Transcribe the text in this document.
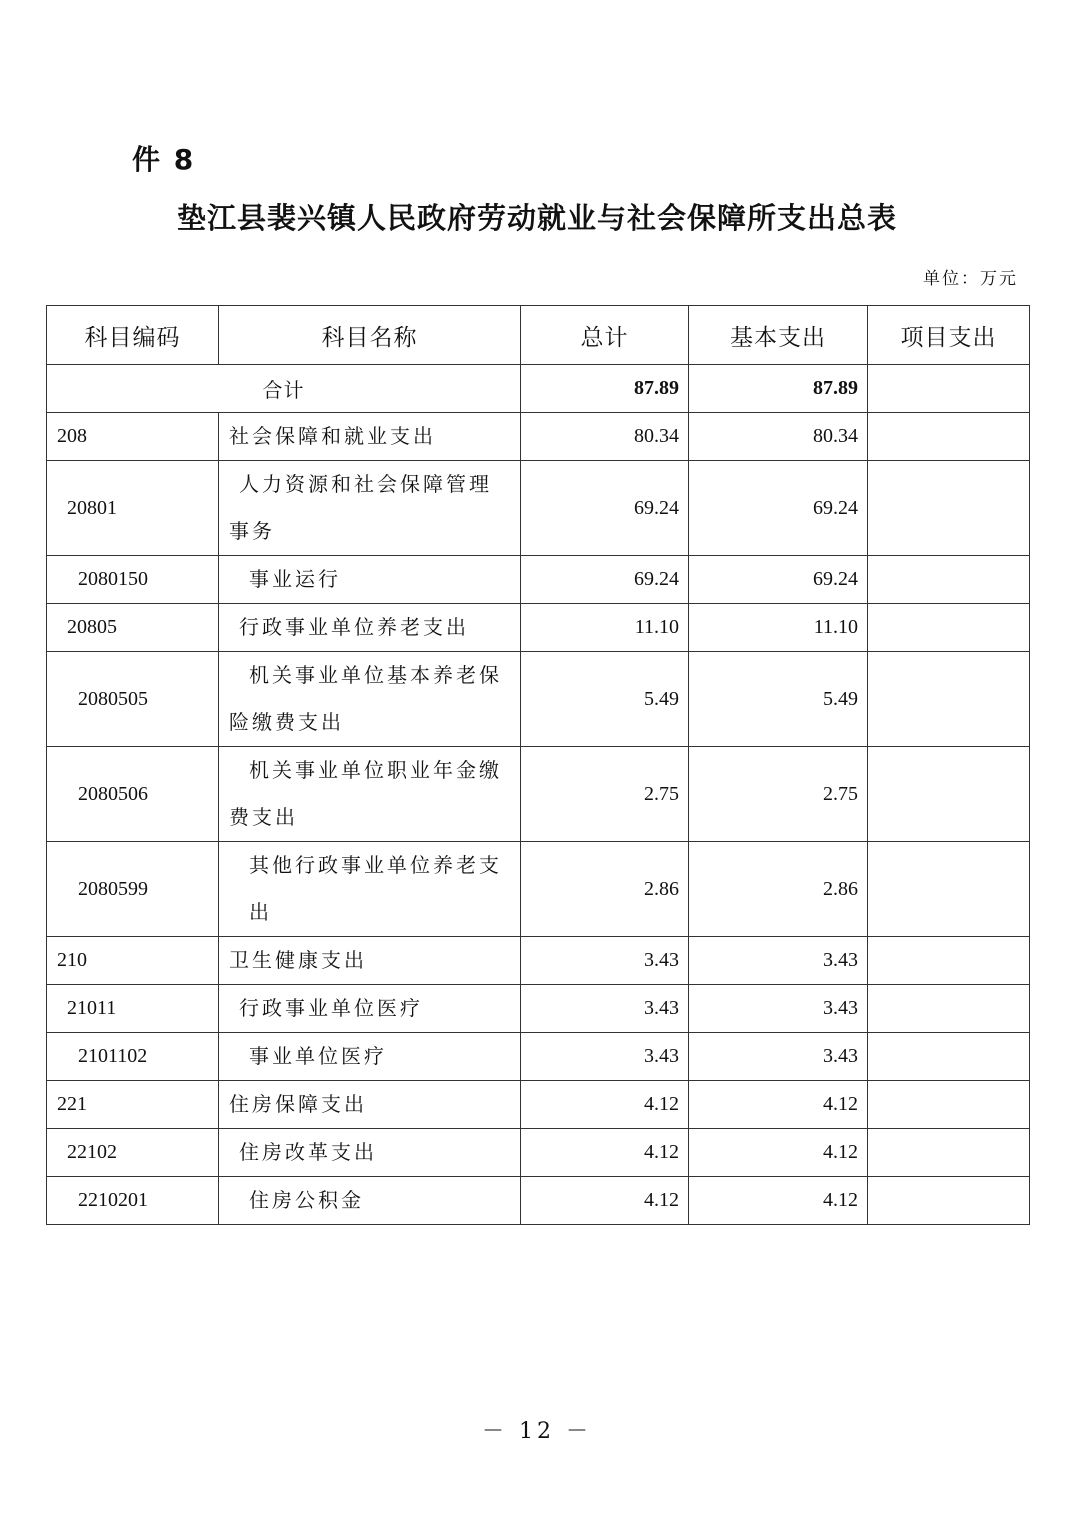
件 8
垫江县裴兴镇人民政府劳动就业与社会保障所支出总表
单位：万元
科目编码	科目名称	总计	基本支出	项目支出
合计		87.89	87.89	
208	社会保障和就业支出	80.34	80.34	
20801	人力资源和社会保障管理事务	69.24	69.24	
2080150	事业运行	69.24	69.24	
20805	行政事业单位养老支出	11.10	11.10	
2080505	机关事业单位基本养老保险缴费支出	5.49	5.49	
2080506	机关事业单位职业年金缴费支出	2.75	2.75	
2080599	其他行政事业单位养老支出	2.86	2.86	
210	卫生健康支出	3.43	3.43	
21011	行政事业单位医疗	3.43	3.43	
2101102	事业单位医疗	3.43	3.43	
221	住房保障支出	4.12	4.12	
22102	住房改革支出	4.12	4.12	
2210201	住房公积金	4.12	4.12	
－ 12 －
